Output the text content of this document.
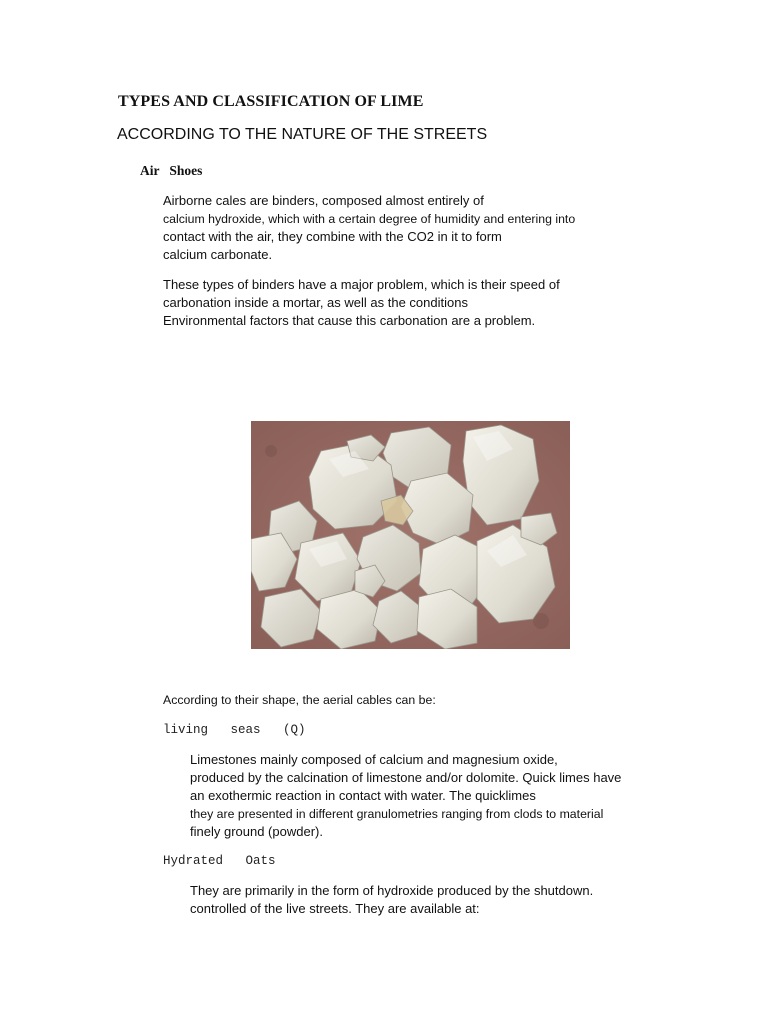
TYPES AND CLASSIFICATION OF LIME
ACCORDING TO THE NATURE OF THE STREETS
Air   Shoes
Airborne cales are binders, composed almost entirely of
calcium hydroxide, which with a certain degree of humidity and entering into
contact with the air, they combine with the CO2 in it to form
calcium carbonate.
These types of binders have a major problem, which is their speed of
carbonation inside a mortar, as well as the conditions
Environmental factors that cause this carbonation are a problem.
According to their shape, the aerial cables can be:
living   seas   (Q)
Limestones mainly composed of calcium and magnesium oxide,
produced by the calcination of limestone and/or dolomite. Quick limes have
an exothermic reaction in contact with water. The quicklimes
they are presented in different granulometries ranging from clods to material
finely ground (powder).
Hydrated   Oats
They are primarily in the form of hydroxide produced by the shutdown.
controlled of the live streets. They are available at:
